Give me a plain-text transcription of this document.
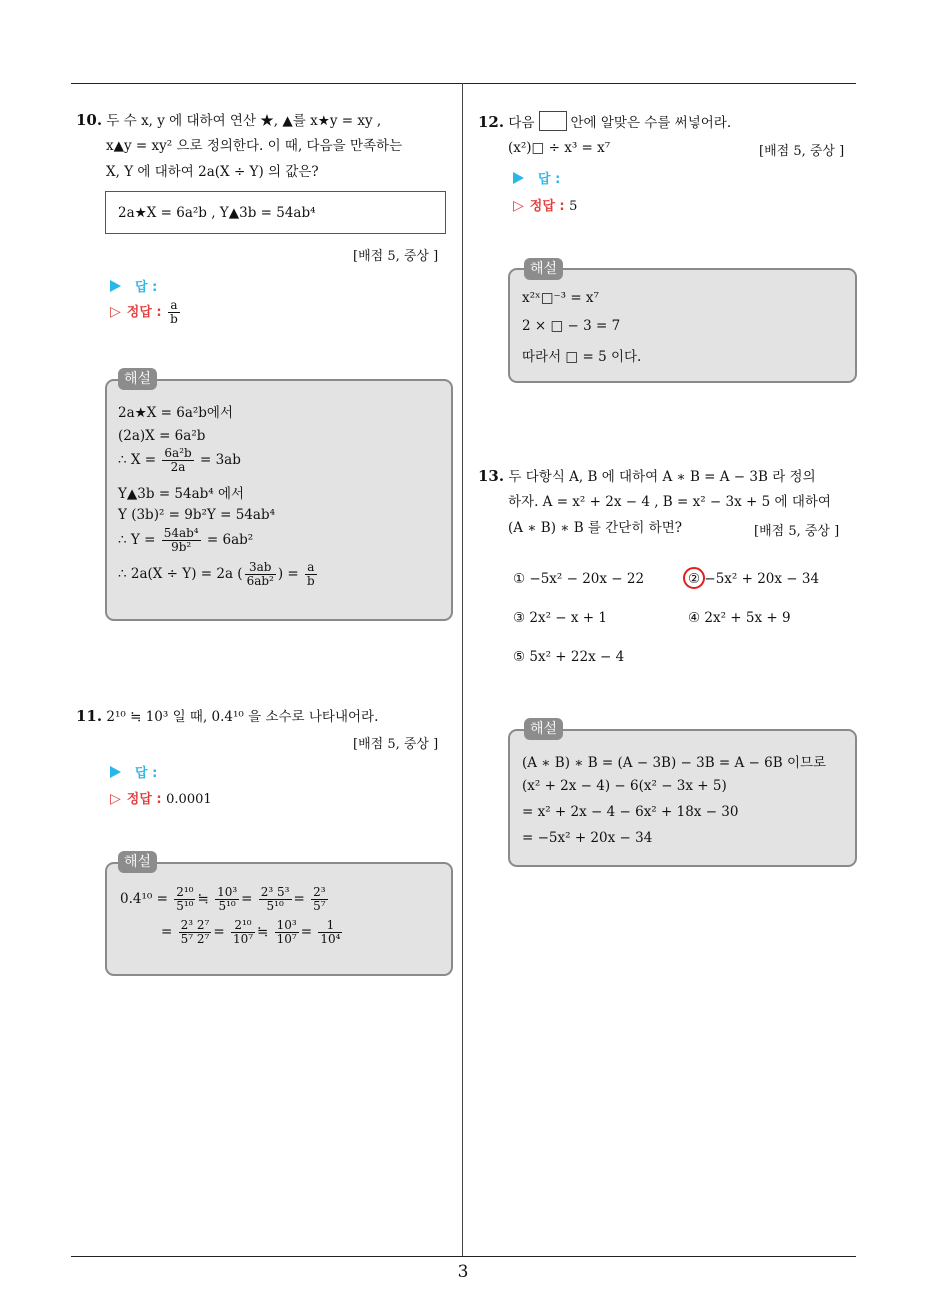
10. 두 수 x, y 에 대하여 연산 ★, ▲를 x★y = xy ,
x▲y = xy² 으로 정의한다. 이 때, 다음을 만족하는
X, Y 에 대하여 2a(X ÷ Y) 의 값은?
2a★X = 6a²b , Y▲3b = 54ab⁴
[배점 5, 중상 ]
답 :
▷ 정답 : $\frac{a}{b}$
2a★X = 6a²b에서
(2a)X = 6a²b
∴ $X = \frac{\text{6a²b}}{2a} = 3ab$
Y▲3b = 54ab⁴ 에서
Y (3b)² = 9b²Y = 54ab⁴
∴ $Y = \frac{\text{54ab⁴}}{\text{9b²}} = 6ab^2$
∴ 2a(X ÷ Y) = 2a ( $\frac{3ab}{\text{6ab²}}$ ) = $\frac{a}{b}$
해설
11. 2¹⁰ ≒ 10³ 일 때, 0.4¹⁰ 을 소수로 나타내어라.
[배점 5, 중상 ]
답 :
▷ 정답 : 0.0001
$0.4^{10} = \frac{\text{2¹⁰}}{\text{5¹⁰}}$ ≒ $\frac{\text{10³}}{\text{5¹⁰}} = \frac{\text{2³ 5³}}{\text{5¹⁰}} = \frac{\text{2³}}{\text{5⁷}}$
= $\frac{\text{2³ 2⁷}}{\text{5⁷ 2⁷}} = \frac{\text{2¹⁰}}{\text{10⁷}}$ ≒ $\frac{\text{10³}}{\text{10⁷}} = \frac{1}{\text{10⁴}}$
해설
12. 다음	안에 알맞은 수를 써넣어라.
(x²)□ ÷ x³ = x⁷	[배점 5, 중상 ]
답 :
▷ 정답 : 5
x²ˣ□⁻³ = x⁷
2 × □ − 3 = 7
따라서 □ = 5 이다.
해설
13. 두 다항식 A, B 에 대하여 A ∗ B = A − 3B 라 정의
하자. A = x² + 2x − 4 , B = x² − 3x + 5 에 대하여
(A ∗ B) ∗ B 를 간단히 하면?	[배점 5, 중상 ]
① −5x² − 20x − 22	② −5x² + 20x − 34
③ 2x² − x + 1	④ 2x² + 5x + 9
⑤ 5x² + 22x − 4
(A ∗ B) ∗ B = (A − 3B) − 3B = A − 6B 이므로
(x² + 2x − 4) − 6(x² − 3x + 5)
= x² + 2x − 4 − 6x² + 18x − 30
= −5x² + 20x − 34
해설
3
